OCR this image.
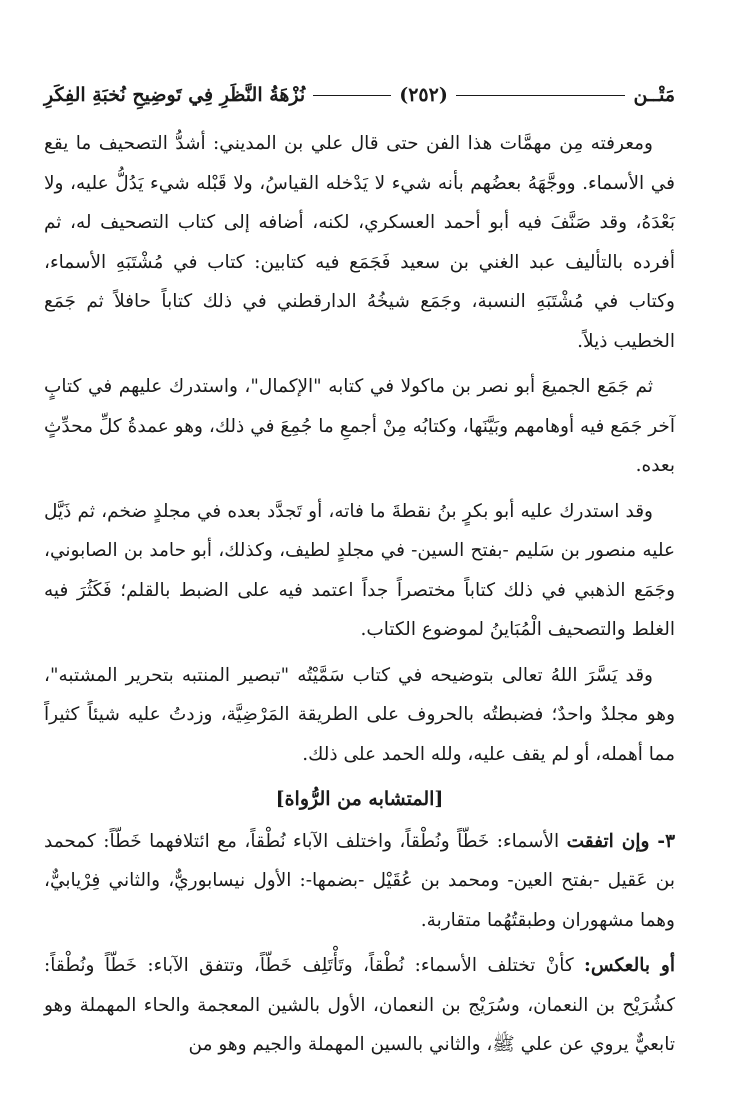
مَتْــن
(٢٥٢)
نُزْهَةُ النَّظَرِ فِي تَوضِيحِ نُخبَةِ الفِكَرِ

ومعرفته مِن مهمَّات هذا الفن حتى قال علي بن المديني: أشدُّ التصحيف ما يقع في الأسماء. ووجَّهَهُ بعضُهم بأنه شيء لا يَدْخله القياسُ، ولا قَبْله شيء يَدُلُّ عليه، ولا بَعْدَهُ، وقد صَنَّفَ فيه أبو أحمد العسكري، لكنه، أضافه إلى كتاب التصحيف له، ثم أفرده بالتأليف عبد الغني بن سعيد فَجَمَع فيه كتابين: كتاب في مُشْتَبَهِ الأسماء، وكتاب في مُشْتَبَهِ النسبة، وجَمَع شيخُهُ الدارقطني في ذلك كتاباً حافلاً ثم جَمَع الخطيب ذيلاً.

ثم جَمَع الجميعَ أبو نصر بن ماكولا في كتابه "الإكمال"، واستدرك عليهم في كتابٍ آخر جَمَع فيه أوهامهم وبَيَّنَها، وكتابُه مِنْ أجمعِ ما جُمِعَ في ذلك، وهو عمدةُ كلِّ محدِّثٍ بعده.

وقد استدرك عليه أبو بكرٍ بنُ نقطةَ ما فاته، أو تَجدَّد بعده في مجلدٍ ضخم، ثم ذَيَّل عليه منصور بن سَليم -بفتح السين- في مجلدٍ لطيف، وكذلك، أبو حامد بن الصابوني، وجَمَع الذهبي في ذلك كتاباً مختصراً جداً اعتمد فيه على الضبط بالقلم؛ فَكَثُرَ فيه الغلط والتصحيف الْمُبَاينُ لموضوع الكتاب.

وقد يَسَّرَ اللهُ تعالى بتوضيحه في كتاب سَمَّيْتُه "تبصير المنتبه بتحرير المشتبه"، وهو مجلدٌ واحدٌ؛ فضبطتُه بالحروف على الطريقة المَرْضِيَّة، وزدتُ عليه شيئاً كثيراً مما أهمله، أو لم يقف عليه، ولله الحمد على ذلك.

[المتشابه من الرُّواة]

٣- وإن اتفقت الأسماء: خَطّاً ونُطْقاً، واختلف الآباء نُطْقاً، مع ائتلافهما خَطّاً: كمحمد بن عَقيل -بفتح العين- ومحمد بن عُقَيْل -بضمها-: الأول نيسابوريٌّ، والثاني فِرْيابيٌّ، وهما مشهوران وطبقتُهُما متقاربة.

أو بالعكس: كأنْ تختلف الأسماء: نُطْقاً، وتَأْتَلِف خَطّاً، وتتفق الآباء: خَطّاً ونُطْقاً: كشُرَيْح بن النعمان، وسُرَيْج بن النعمان، الأول بالشين المعجمة والحاء المهملة وهو تابعيٌّ يروي عن علي ﷺ، والثاني بالسين المهملة والجيم وهو من
